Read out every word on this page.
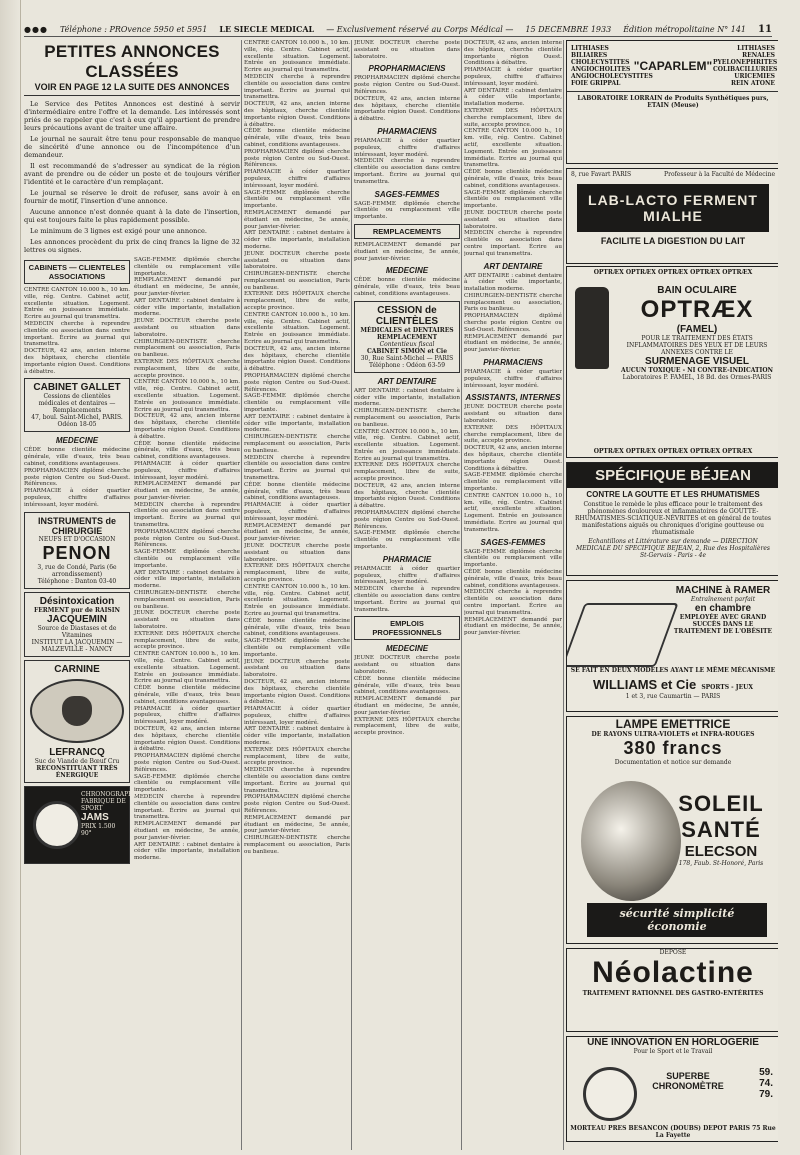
●●● Téléphone : PROvence 5950 et 5951 LE SIECLE MEDICAL — Exclusivement réservé au Corps Médical — 15 DECEMBRE 1933 Édition métropolitaine N° 141 11
PETITES ANNONCES CLASSÉES
VOIR EN PAGE 12 LA SUITE DES ANNONCES

Le Service des Petites Annonces est destiné à servir d'intermédiaire entre l'offre et la demande. Les intéressés sont priés de se rappeler que c'est à eux qu'il appartient de prendre leurs précautions avant de traiter une affaire.

Le journal ne saurait être tenu pour responsable de manque de sincérité d'une annonce ou de l'incompétence d'un demandeur.

Il est recommandé de s'adresser au syndicat de la région avant de prendre ou de céder un poste et de toujours vérifier l'identité et le caractère d'un remplaçant.

Le journal se réserve le droit de refuser, sans avoir à en fournir de motif, l'insertion d'une annonce.

Aucune annonce n'est donnée quant à la date de l'insertion, qui est toujours faite le plus rapidement possible.

Le minimum de 3 lignes est exigé pour une annonce.

Les annonces procèdent du prix de cinq francs la ligne de 32 lettres ou signes.

CABINETS — CLIENTELES ASSOCIATIONS
CENTRE CANTON 10.000 h., 10 km. ville, rég. Centre. Cabinet actif, excellente situation. Logement. Entrée en jouissance immédiate. Ecrire au journal qui transmettra.
MEDECIN cherche à reprendre clientèle ou association dans centre important. Écrire au journal qui transmettra.
DOCTEUR, 42 ans, ancien interne des hôpitaux, cherche clientèle importante région Ouest. Conditions à débattre.
CABINET GALLET
Cessions de clientèles médicales et dentaires — Remplacements
47, boul. Saint-Michel, PARIS. Odéon 18-05
MEDECINE
CÉDE bonne clientèle médecine générale, ville d'eaux, très beau cabinet, conditions avantageuses.
PROPHARMACIEN diplômé cherche poste région Centre ou Sud-Ouest. Références.
PHARMACIE à céder quartier populeux, chiffre d'affaires intéressant, loyer modéré.
INSTRUMENTS de CHIRURGIE
NEUFS ET D'OCCASION
PENON
3, rue de Condé, Paris (6e arrondissement)
Téléphone : Danton 03-40
Désintoxication
FERMENT pur de RAISIN
JACQUEMIN
Source de Diastases et de Vitamines
INSTITUT LA JACQUEMIN — MALZEVILLE - NANCY
CARNINE
LEFRANCQ
Suc de Viande de Bœuf Cru
RECONSTITUANT TRÈS ÉNERGIQUE
CHRONOGRAPHE
FABRIQUE DE SPORT
JAMS
PRIX 1.500
90°
SAGE-FEMME diplômée cherche clientèle ou remplacement ville importante.
REMPLACEMENT demandé par étudiant en médecine, 5e année, pour janvier-février.
ART DENTAIRE : cabinet dentaire à céder ville importante, installation moderne.
JEUNE DOCTEUR cherche poste assistant ou situation dans laboratoire.
CHIRURGIEN-DENTISTE cherche remplacement ou association, Paris ou banlieue.
EXTERNE DES HÔPITAUX cherche remplacement, libre de suite, accepte province.
CENTRE CANTON 10.000 h., 10 km. ville, rég. Centre. Cabinet actif, excellente situation. Logement. Entrée en jouissance immédiate. Ecrire au journal qui transmettra.
DOCTEUR, 42 ans, ancien interne des hôpitaux, cherche clientèle importante région Ouest. Conditions à débattre.
CÉDE bonne clientèle médecine générale, ville d'eaux, très beau cabinet, conditions avantageuses.
PHARMACIE à céder quartier populeux, chiffre d'affaires intéressant, loyer modéré.
REMPLACEMENT demandé par étudiant en médecine, 5e année, pour janvier-février.
MEDECIN cherche à reprendre clientèle ou association dans centre important. Écrire au journal qui transmettra.
PROPHARMACIEN diplômé cherche poste région Centre ou Sud-Ouest. Références.
SAGE-FEMME diplômée cherche clientèle ou remplacement ville importante.
ART DENTAIRE : cabinet dentaire à céder ville importante, installation moderne.
CHIRURGIEN-DENTISTE cherche remplacement ou association, Paris ou banlieue.
JEUNE DOCTEUR cherche poste assistant ou situation dans laboratoire.
EXTERNE DES HÔPITAUX cherche remplacement, libre de suite, accepte province.
CENTRE CANTON 10.000 h., 10 km. ville, rég. Centre. Cabinet actif, excellente situation. Logement. Entrée en jouissance immédiate. Ecrire au journal qui transmettra.
CÉDE bonne clientèle médecine générale, ville d'eaux, très beau cabinet, conditions avantageuses.
PHARMACIE à céder quartier populeux, chiffre d'affaires intéressant, loyer modéré.
DOCTEUR, 42 ans, ancien interne des hôpitaux, cherche clientèle importante région Ouest. Conditions à débattre.
PROPHARMACIEN diplômé cherche poste région Centre ou Sud-Ouest. Références.
SAGE-FEMME diplômée cherche clientèle ou remplacement ville importante.
MEDECIN cherche à reprendre clientèle ou association dans centre important. Écrire au journal qui transmettra.
REMPLACEMENT demandé par étudiant en médecine, 5e année, pour janvier-février.
ART DENTAIRE : cabinet dentaire à céder ville importante, installation moderne.
CENTRE CANTON 10.000 h., 10 km. ville, rég. Centre. Cabinet actif, excellente situation. Logement. Entrée en jouissance immédiate. Ecrire au journal qui transmettra.
MEDECIN cherche à reprendre clientèle ou association dans centre important. Écrire au journal qui transmettra.
DOCTEUR, 42 ans, ancien interne des hôpitaux, cherche clientèle importante région Ouest. Conditions à débattre.
CÉDE bonne clientèle médecine générale, ville d'eaux, très beau cabinet, conditions avantageuses.
PROPHARMACIEN diplômé cherche poste région Centre ou Sud-Ouest. Références.
PHARMACIE à céder quartier populeux, chiffre d'affaires intéressant, loyer modéré.
SAGE-FEMME diplômée cherche clientèle ou remplacement ville importante.
REMPLACEMENT demandé par étudiant en médecine, 5e année, pour janvier-février.
ART DENTAIRE : cabinet dentaire à céder ville importante, installation moderne.
JEUNE DOCTEUR cherche poste assistant ou situation dans laboratoire.
CHIRURGIEN-DENTISTE cherche remplacement ou association, Paris ou banlieue.
EXTERNE DES HÔPITAUX cherche remplacement, libre de suite, accepte province.
CENTRE CANTON 10.000 h., 10 km. ville, rég. Centre. Cabinet actif, excellente situation. Logement. Entrée en jouissance immédiate. Ecrire au journal qui transmettra.
DOCTEUR, 42 ans, ancien interne des hôpitaux, cherche clientèle importante région Ouest. Conditions à débattre.
PROPHARMACIEN diplômé cherche poste région Centre ou Sud-Ouest. Références.
SAGE-FEMME diplômée cherche clientèle ou remplacement ville importante.
ART DENTAIRE : cabinet dentaire à céder ville importante, installation moderne.
CHIRURGIEN-DENTISTE cherche remplacement ou association, Paris ou banlieue.
MEDECIN cherche à reprendre clientèle ou association dans centre important. Écrire au journal qui transmettra.
CÉDE bonne clientèle médecine générale, ville d'eaux, très beau cabinet, conditions avantageuses.
PHARMACIE à céder quartier populeux, chiffre d'affaires intéressant, loyer modéré.
REMPLACEMENT demandé par étudiant en médecine, 5e année, pour janvier-février.
JEUNE DOCTEUR cherche poste assistant ou situation dans laboratoire.
EXTERNE DES HÔPITAUX cherche remplacement, libre de suite, accepte province.
CENTRE CANTON 10.000 h., 10 km. ville, rég. Centre. Cabinet actif, excellente situation. Logement. Entrée en jouissance immédiate. Ecrire au journal qui transmettra.
CÉDE bonne clientèle médecine générale, ville d'eaux, très beau cabinet, conditions avantageuses.
SAGE-FEMME diplômée cherche clientèle ou remplacement ville importante.
JEUNE DOCTEUR cherche poste assistant ou situation dans laboratoire.
DOCTEUR, 42 ans, ancien interne des hôpitaux, cherche clientèle importante région Ouest. Conditions à débattre.
PHARMACIE à céder quartier populeux, chiffre d'affaires intéressant, loyer modéré.
ART DENTAIRE : cabinet dentaire à céder ville importante, installation moderne.
EXTERNE DES HÔPITAUX cherche remplacement, libre de suite, accepte province.
MEDECIN cherche à reprendre clientèle ou association dans centre important. Écrire au journal qui transmettra.
PROPHARMACIEN diplômé cherche poste région Centre ou Sud-Ouest. Références.
REMPLACEMENT demandé par étudiant en médecine, 5e année, pour janvier-février.
CHIRURGIEN-DENTISTE cherche remplacement ou association, Paris ou banlieue.
JEUNE DOCTEUR cherche poste assistant ou situation dans laboratoire.
PROPHARMACIENS
PROPHARMACIEN diplômé cherche poste région Centre ou Sud-Ouest. Références.
DOCTEUR, 42 ans, ancien interne des hôpitaux, cherche clientèle importante région Ouest. Conditions à débattre.
PHARMACIENS
PHARMACIE à céder quartier populeux, chiffre d'affaires intéressant, loyer modéré.
MEDECIN cherche à reprendre clientèle ou association dans centre important. Écrire au journal qui transmettra.
SAGES-FEMMES
SAGE-FEMME diplômée cherche clientèle ou remplacement ville importante.
REMPLACEMENTS
REMPLACEMENT demandé par étudiant en médecine, 5e année, pour janvier-février.
MEDECINE
CÉDE bonne clientèle médecine générale, ville d'eaux, très beau cabinet, conditions avantageuses.
CESSION de CLIENTÈLES
MÉDICALES et DENTAIRES
REMPLACEMENT
Contentieux fiscal
CABINET SIMON et Cie
30, Rue Saint-Michel — PARIS
Téléphone : Odéon 63-59
ART DENTAIRE
ART DENTAIRE : cabinet dentaire à céder ville importante, installation moderne.
CHIRURGIEN-DENTISTE cherche remplacement ou association, Paris ou banlieue.
CENTRE CANTON 10.000 h., 10 km. ville, rég. Centre. Cabinet actif, excellente situation. Logement. Entrée en jouissance immédiate. Ecrire au journal qui transmettra.
EXTERNE DES HÔPITAUX cherche remplacement, libre de suite, accepte province.
DOCTEUR, 42 ans, ancien interne des hôpitaux, cherche clientèle importante région Ouest. Conditions à débattre.
PROPHARMACIEN diplômé cherche poste région Centre ou Sud-Ouest. Références.
SAGE-FEMME diplômée cherche clientèle ou remplacement ville importante.
PHARMACIE
PHARMACIE à céder quartier populeux, chiffre d'affaires intéressant, loyer modéré.
MEDECIN cherche à reprendre clientèle ou association dans centre important. Écrire au journal qui transmettra.
EMPLOIS PROFESSIONNELS
MEDECINE
JEUNE DOCTEUR cherche poste assistant ou situation dans laboratoire.
CÉDE bonne clientèle médecine générale, ville d'eaux, très beau cabinet, conditions avantageuses.
REMPLACEMENT demandé par étudiant en médecine, 5e année, pour janvier-février.
EXTERNE DES HÔPITAUX cherche remplacement, libre de suite, accepte province.
DOCTEUR, 42 ans, ancien interne des hôpitaux, cherche clientèle importante région Ouest. Conditions à débattre.
PHARMACIE à céder quartier populeux, chiffre d'affaires intéressant, loyer modéré.
ART DENTAIRE : cabinet dentaire à céder ville importante, installation moderne.
EXTERNE DES HÔPITAUX cherche remplacement, libre de suite, accepte province.
CENTRE CANTON 10.000 h., 10 km. ville, rég. Centre. Cabinet actif, excellente situation. Logement. Entrée en jouissance immédiate. Ecrire au journal qui transmettra.
CÉDE bonne clientèle médecine générale, ville d'eaux, très beau cabinet, conditions avantageuses.
SAGE-FEMME diplômée cherche clientèle ou remplacement ville importante.
JEUNE DOCTEUR cherche poste assistant ou situation dans laboratoire.
MEDECIN cherche à reprendre clientèle ou association dans centre important. Écrire au journal qui transmettra.
ART DENTAIRE
ART DENTAIRE : cabinet dentaire à céder ville importante, installation moderne.
CHIRURGIEN-DENTISTE cherche remplacement ou association, Paris ou banlieue.
PROPHARMACIEN diplômé cherche poste région Centre ou Sud-Ouest. Références.
REMPLACEMENT demandé par étudiant en médecine, 5e année, pour janvier-février.
PHARMACIENS
PHARMACIE à céder quartier populeux, chiffre d'affaires intéressant, loyer modéré.
ASSISTANTS, INTERNES
JEUNE DOCTEUR cherche poste assistant ou situation dans laboratoire.
EXTERNE DES HÔPITAUX cherche remplacement, libre de suite, accepte province.
DOCTEUR, 42 ans, ancien interne des hôpitaux, cherche clientèle importante région Ouest. Conditions à débattre.
SAGE-FEMME diplômée cherche clientèle ou remplacement ville importante.
CENTRE CANTON 10.000 h., 10 km. ville, rég. Centre. Cabinet actif, excellente situation. Logement. Entrée en jouissance immédiate. Ecrire au journal qui transmettra.
SAGES-FEMMES
SAGE-FEMME diplômée cherche clientèle ou remplacement ville importante.
CÉDE bonne clientèle médecine générale, ville d'eaux, très beau cabinet, conditions avantageuses.
MEDECIN cherche à reprendre clientèle ou association dans centre important. Écrire au journal qui transmettra.
REMPLACEMENT demandé par étudiant en médecine, 5e année, pour janvier-février.
LITHIASES BILIAIRES
CHOLECYSTITES
ANGIOCHOLITES
ANGIOCHOLECYSTITES
FOIE GRIPPAL
"CAPARLEM"
LITHIASES RENALES
PYELONEPHRITES
COLIBACILLURIES
URICEMIES
REIN ATONE
LABORATOIRE LORRAIN de Produits Synthétiques purs, ETAIN (Meuse)
8, rue Favart PARIS	Professeur à la Faculté de Médecine
LAB-LACTO FERMENT MIALHE
FACILITE LA DIGESTION DU LAIT
OPTRÆX OPTRÆX OPTRÆX OPTRÆX OPTRÆX
BAIN OCULAIRE
OPTRÆX
(FAMEL)
POUR LE TRAITEMENT DES ÉTATS INFLAMMATOIRES DES YEUX ET DE LEURS ANNEXES CONTRE LE
SURMENAGE VISUEL
AUCUN TOXIQUE - NI CONTRE-INDICATION
Laboratoires P. FAMEL, 18 Bd. des Ormes-PARIS
OPTRÆX OPTRÆX OPTRÆX OPTRÆX OPTRÆX
SPÉCIFIQUE BÉJEAN
CONTRE LA GOUTTE ET LES RHUMATISMES
Constitue le remède le plus efficace pour le traitement des phénomènes douloureux et inflammatoires de GOUTTE-RHUMATISMES-SCIATIQUE-NÉVRITES et en général de toutes manifestations aiguës ou chroniques d'origine goutteuse ou rhumatismale
Echantillons et Littérature sur demande — DIRECTION MEDICALE DU SPECIFIQUE BEJEAN, 2, Rue des Hospitalières St-Gervais - Paris - 4e
MACHINE à RAMER
Entraînement parfait
en chambre
EMPLOYÉE AVEC GRAND SUCCÈS DANS LE TRAITEMENT DE L'OBÉSITE
SE FAIT EN DEUX MODÈLES AYANT LE MÊME MÉCANISME
WILLIAMS et Cie SPORTS - JEUX
1 et 3, rue Caumartin — PARIS
LAMPE EMETTRICE
DE RAYONS ULTRA-VIOLETS et INFRA-ROUGES
380 francs
Documentation et notice sur demande
SOLEIL
SANTÉ
ELECSON
178, Faub. St-Honoré, Paris
sécurité simplicité économie
DÉPOSÉ
Néolactine
TRAITEMENT RATIONNEL DES GASTRO-ENTÉRITES
UNE INNOVATION EN HORLOGERIE
Pour le Sport et le Travail
SUPERBE CHRONOMÈTRE
59.
74.
79.
MORTEAU PRES BESANCON (DOUBS) DEPOT PARIS 75 Rue La Fayette
